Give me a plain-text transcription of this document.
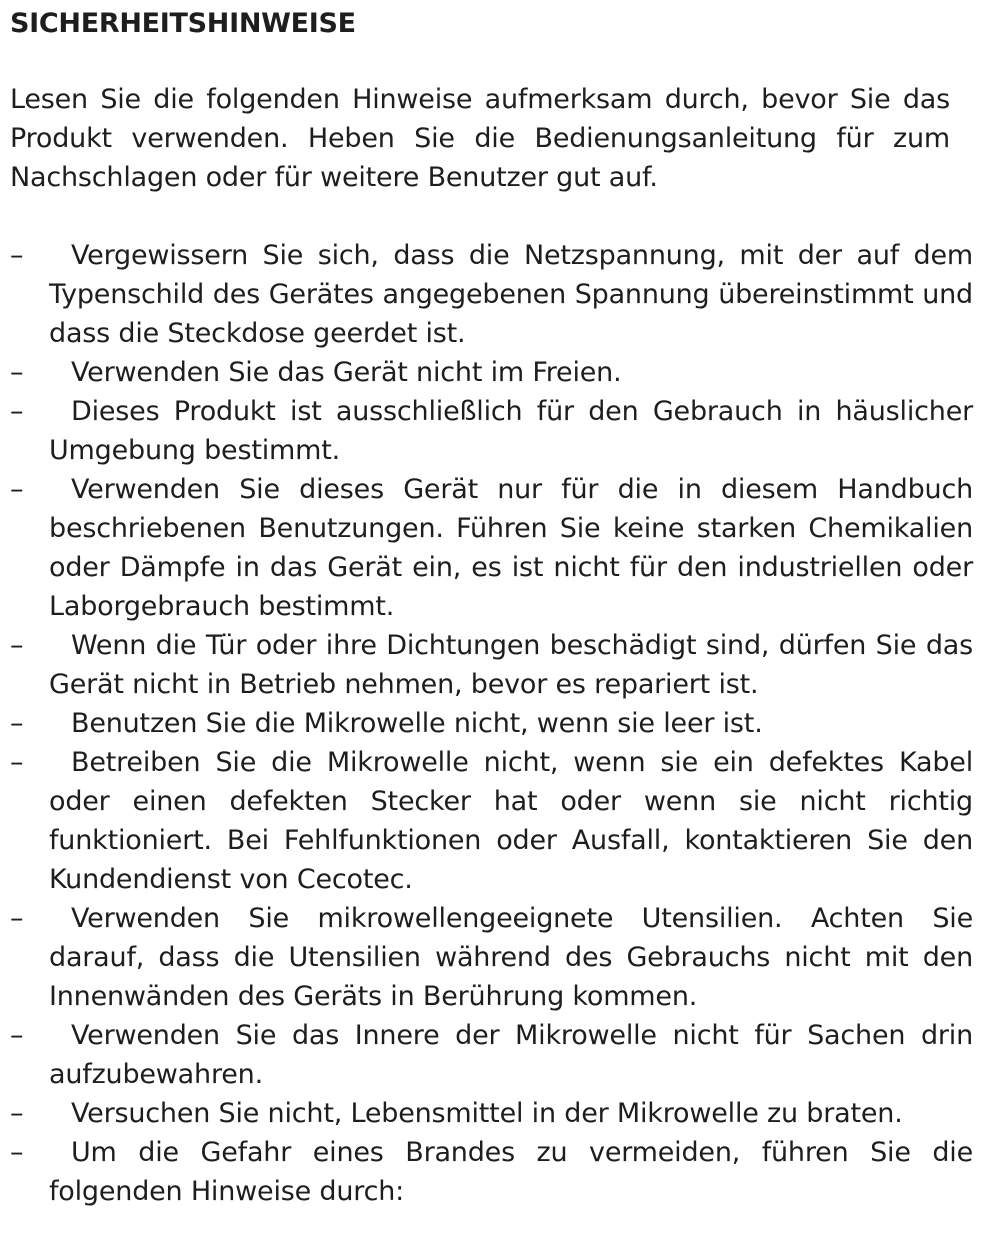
SICHERHEITSHINWEISE

Lesen Sie die folgenden Hinweise aufmerksam durch, bevor Sie das Produkt verwenden. Heben Sie die Bedienungsanleitung für zum Nachschlagen oder für weitere Benutzer gut auf.

–	Vergewissern Sie sich, dass die Netzspannung, mit der auf dem Typenschild des Gerätes angegebenen Spannung übereinstimmt und dass die Steckdose geerdet ist.
–	Verwenden Sie das Gerät nicht im Freien.
–	Dieses Produkt ist ausschließlich für den Gebrauch in häuslicher Umgebung bestimmt.
–	Verwenden Sie dieses Gerät nur für die in diesem Handbuch beschriebenen Benutzungen. Führen Sie keine starken Chemikalien oder Dämpfe in das Gerät ein, es ist nicht für den industriellen oder Laborgebrauch bestimmt.
–	Wenn die Tür oder ihre Dichtungen beschädigt sind, dürfen Sie das Gerät nicht in Betrieb nehmen, bevor es repariert ist.
–	Benutzen Sie die Mikrowelle nicht, wenn sie leer ist.
–	Betreiben Sie die Mikrowelle nicht, wenn sie ein defektes Kabel oder einen defekten Stecker hat oder wenn sie nicht richtig funktioniert. Bei Fehlfunktionen oder Ausfall, kontaktieren Sie den Kundendienst von Cecotec.
–	Verwenden Sie mikrowellengeeignete Utensilien. Achten Sie darauf, dass die Utensilien während des Gebrauchs nicht mit den Innenwänden des Geräts in Berührung kommen.
–	Verwenden Sie das Innere der Mikrowelle nicht für Sachen drin aufzubewahren.
–	Versuchen Sie nicht, Lebensmittel in der Mikrowelle zu braten.
–	Um die Gefahr eines Brandes zu vermeiden, führen Sie die folgenden Hinweise durch:
